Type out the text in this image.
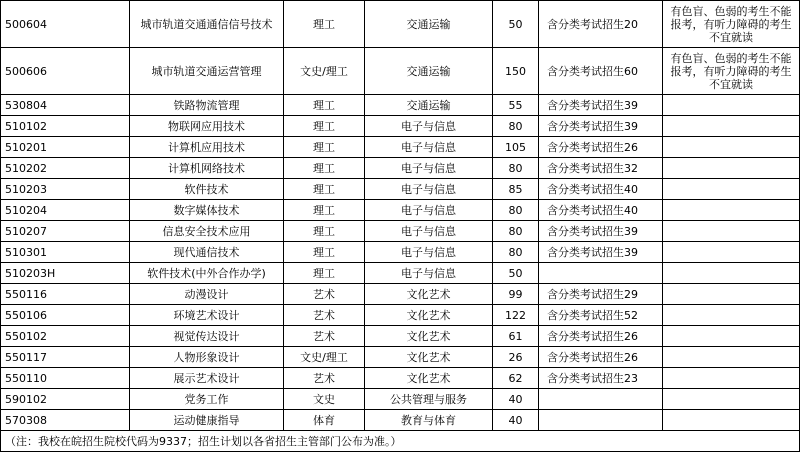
500604	城市轨道交通通信信号技术	理工	交通运输	50	含分类考试招生20	有色盲、色弱的考生不能报考，有听力障碍的考生不宜就读
500606	城市轨道交通运营管理	文史/理工	交通运输	150	含分类考试招生60	有色盲、色弱的考生不能报考，有听力障碍的考生不宜就读
530804	铁路物流管理	理工	交通运输	55	含分类考试招生39	
510102	物联网应用技术	理工	电子与信息	80	含分类考试招生39	
510201	计算机应用技术	理工	电子与信息	105	含分类考试招生26	
510202	计算机网络技术	理工	电子与信息	80	含分类考试招生32	
510203	软件技术	理工	电子与信息	85	含分类考试招生40	
510204	数字媒体技术	理工	电子与信息	80	含分类考试招生40	
510207	信息安全技术应用	理工	电子与信息	80	含分类考试招生39	
510301	现代通信技术	理工	电子与信息	80	含分类考试招生39	
510203H	软件技术(中外合作办学)	理工	电子与信息	50		
550116	动漫设计	艺术	文化艺术	99	含分类考试招生29	
550106	环境艺术设计	艺术	文化艺术	122	含分类考试招生52	
550102	视觉传达设计	艺术	文化艺术	61	含分类考试招生26	
550117	人物形象设计	文史/理工	文化艺术	26	含分类考试招生26	
550110	展示艺术设计	艺术	文化艺术	62	含分类考试招生23	
590102	党务工作	文史	公共管理与服务	40		
570308	运动健康指导	体育	教育与体育	40		
（注：我校在皖招生院校代码为9337；招生计划以各省招生主管部门公布为准。）						
